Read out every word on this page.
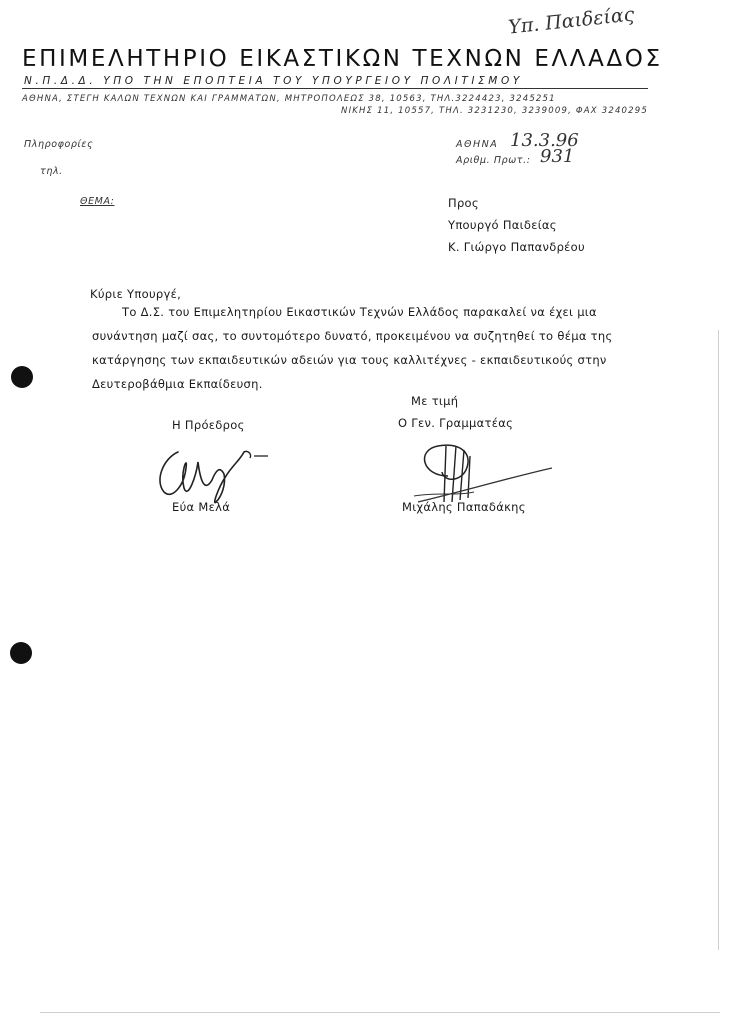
Υπ. Παιδείας
ΕΠΙΜΕΛΗΤΗΡΙΟ ΕΙΚΑΣΤΙΚΩΝ ΤΕΧΝΩΝ ΕΛΛΑΔΟΣ
Ν.Π.Δ.Δ. ΥΠΟ ΤΗΝ ΕΠΟΠΤΕΙΑ ΤΟΥ ΥΠΟΥΡΓΕΙΟΥ ΠΟΛΙΤΙΣΜΟΥ
ΑΘΗΝΑ, ΣΤΕΓΗ ΚΑΛΩΝ ΤΕΧΝΩΝ ΚΑΙ ΓΡΑΜΜΑΤΩΝ, ΜΗΤΡΟΠΟΛΕΩΣ 38, 10563, ΤΗΛ.3224423, 3245251
ΝΙΚΗΣ 11, 10557, ΤΗΛ. 3231230, 3239009, ΦΑΧ 3240295
Πληροφορίες
τηλ.
ΘΕΜΑ:
ΑΘΗΝΑ 13.3.96
Αριθμ. Πρωτ.: 931
Προς
Υπουργό Παιδείας
Κ. Γιώργο Παπανδρέου
Κύριε Υπουργέ,
Το Δ.Σ. του Επιμελητηρίου Εικαστικών Τεχνών Ελλάδος παρακαλεί να έχει μια
συνάντηση μαζί σας, το συντομότερο δυνατό, προκειμένου να συζητηθεί το θέμα της
κατάργησης των εκπαιδευτικών αδειών για τους καλλιτέχνες - εκπαιδευτικούς στην
Δευτεροβάθμια Εκπαίδευση.
Με τιμή
Η Πρόεδρος	Ο Γεν. Γραμματέας
Εύα Μελά	Μιχάλης Παπαδάκης
